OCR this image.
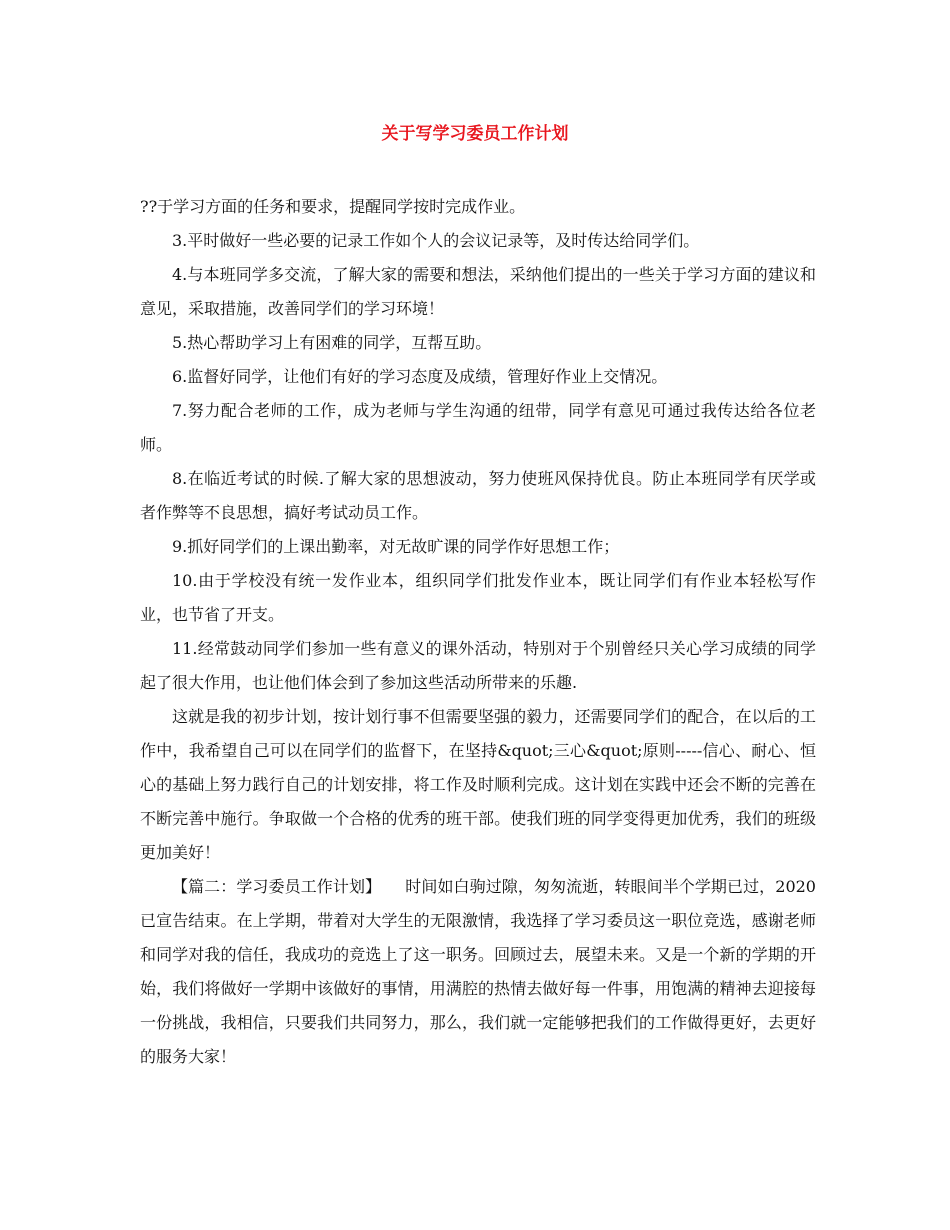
关于写学习委员工作计划

??于学习方面的任务和要求，提醒同学按时完成作业。

3.平时做好一些必要的记录工作如个人的会议记录等，及时传达给同学们。

4.与本班同学多交流，了解大家的需要和想法，采纳他们提出的一些关于学习方面的建议和意见，采取措施，改善同学们的学习环境！

5.热心帮助学习上有困难的同学，互帮互助。

6.监督好同学，让他们有好的学习态度及成绩，管理好作业上交情况。

7.努力配合老师的工作，成为老师与学生沟通的纽带，同学有意见可通过我传达给各位老师。

8.在临近考试的时候.了解大家的思想波动，努力使班风保持优良。防止本班同学有厌学或者作弊等不良思想，搞好考试动员工作。

9.抓好同学们的上课出勤率，对无故旷课的同学作好思想工作；

10.由于学校没有统一发作业本，组织同学们批发作业本，既让同学们有作业本轻松写作业，也节省了开支。

11.经常鼓动同学们参加一些有意义的课外活动，特别对于个别曾经只关心学习成绩的同学起了很大作用，也让他们体会到了参加这些活动所带来的乐趣.

这就是我的初步计划，按计划行事不但需要坚强的毅力，还需要同学们的配合，在以后的工作中，我希望自己可以在同学们的监督下，在坚持&quot;三心&quot;原则-----信心、耐心、恒心的基础上努力践行自己的计划安排，将工作及时顺利完成。这计划在实践中还会不断的完善在不断完善中施行。争取做一个合格的优秀的班干部。使我们班的同学变得更加优秀，我们的班级更加美好！

【篇二：学习委员工作计划】　　时间如白驹过隙，匆匆流逝，转眼间半个学期已过，2020已宣告结束。在上学期，带着对大学生的无限激情，我选择了学习委员这一职位竞选，感谢老师和同学对我的信任，我成功的竞选上了这一职务。回顾过去，展望未来。又是一个新的学期的开始，我们将做好一学期中该做好的事情，用满腔的热情去做好每一件事，用饱满的精神去迎接每一份挑战，我相信，只要我们共同努力，那么，我们就一定能够把我们的工作做得更好，去更好的服务大家！
